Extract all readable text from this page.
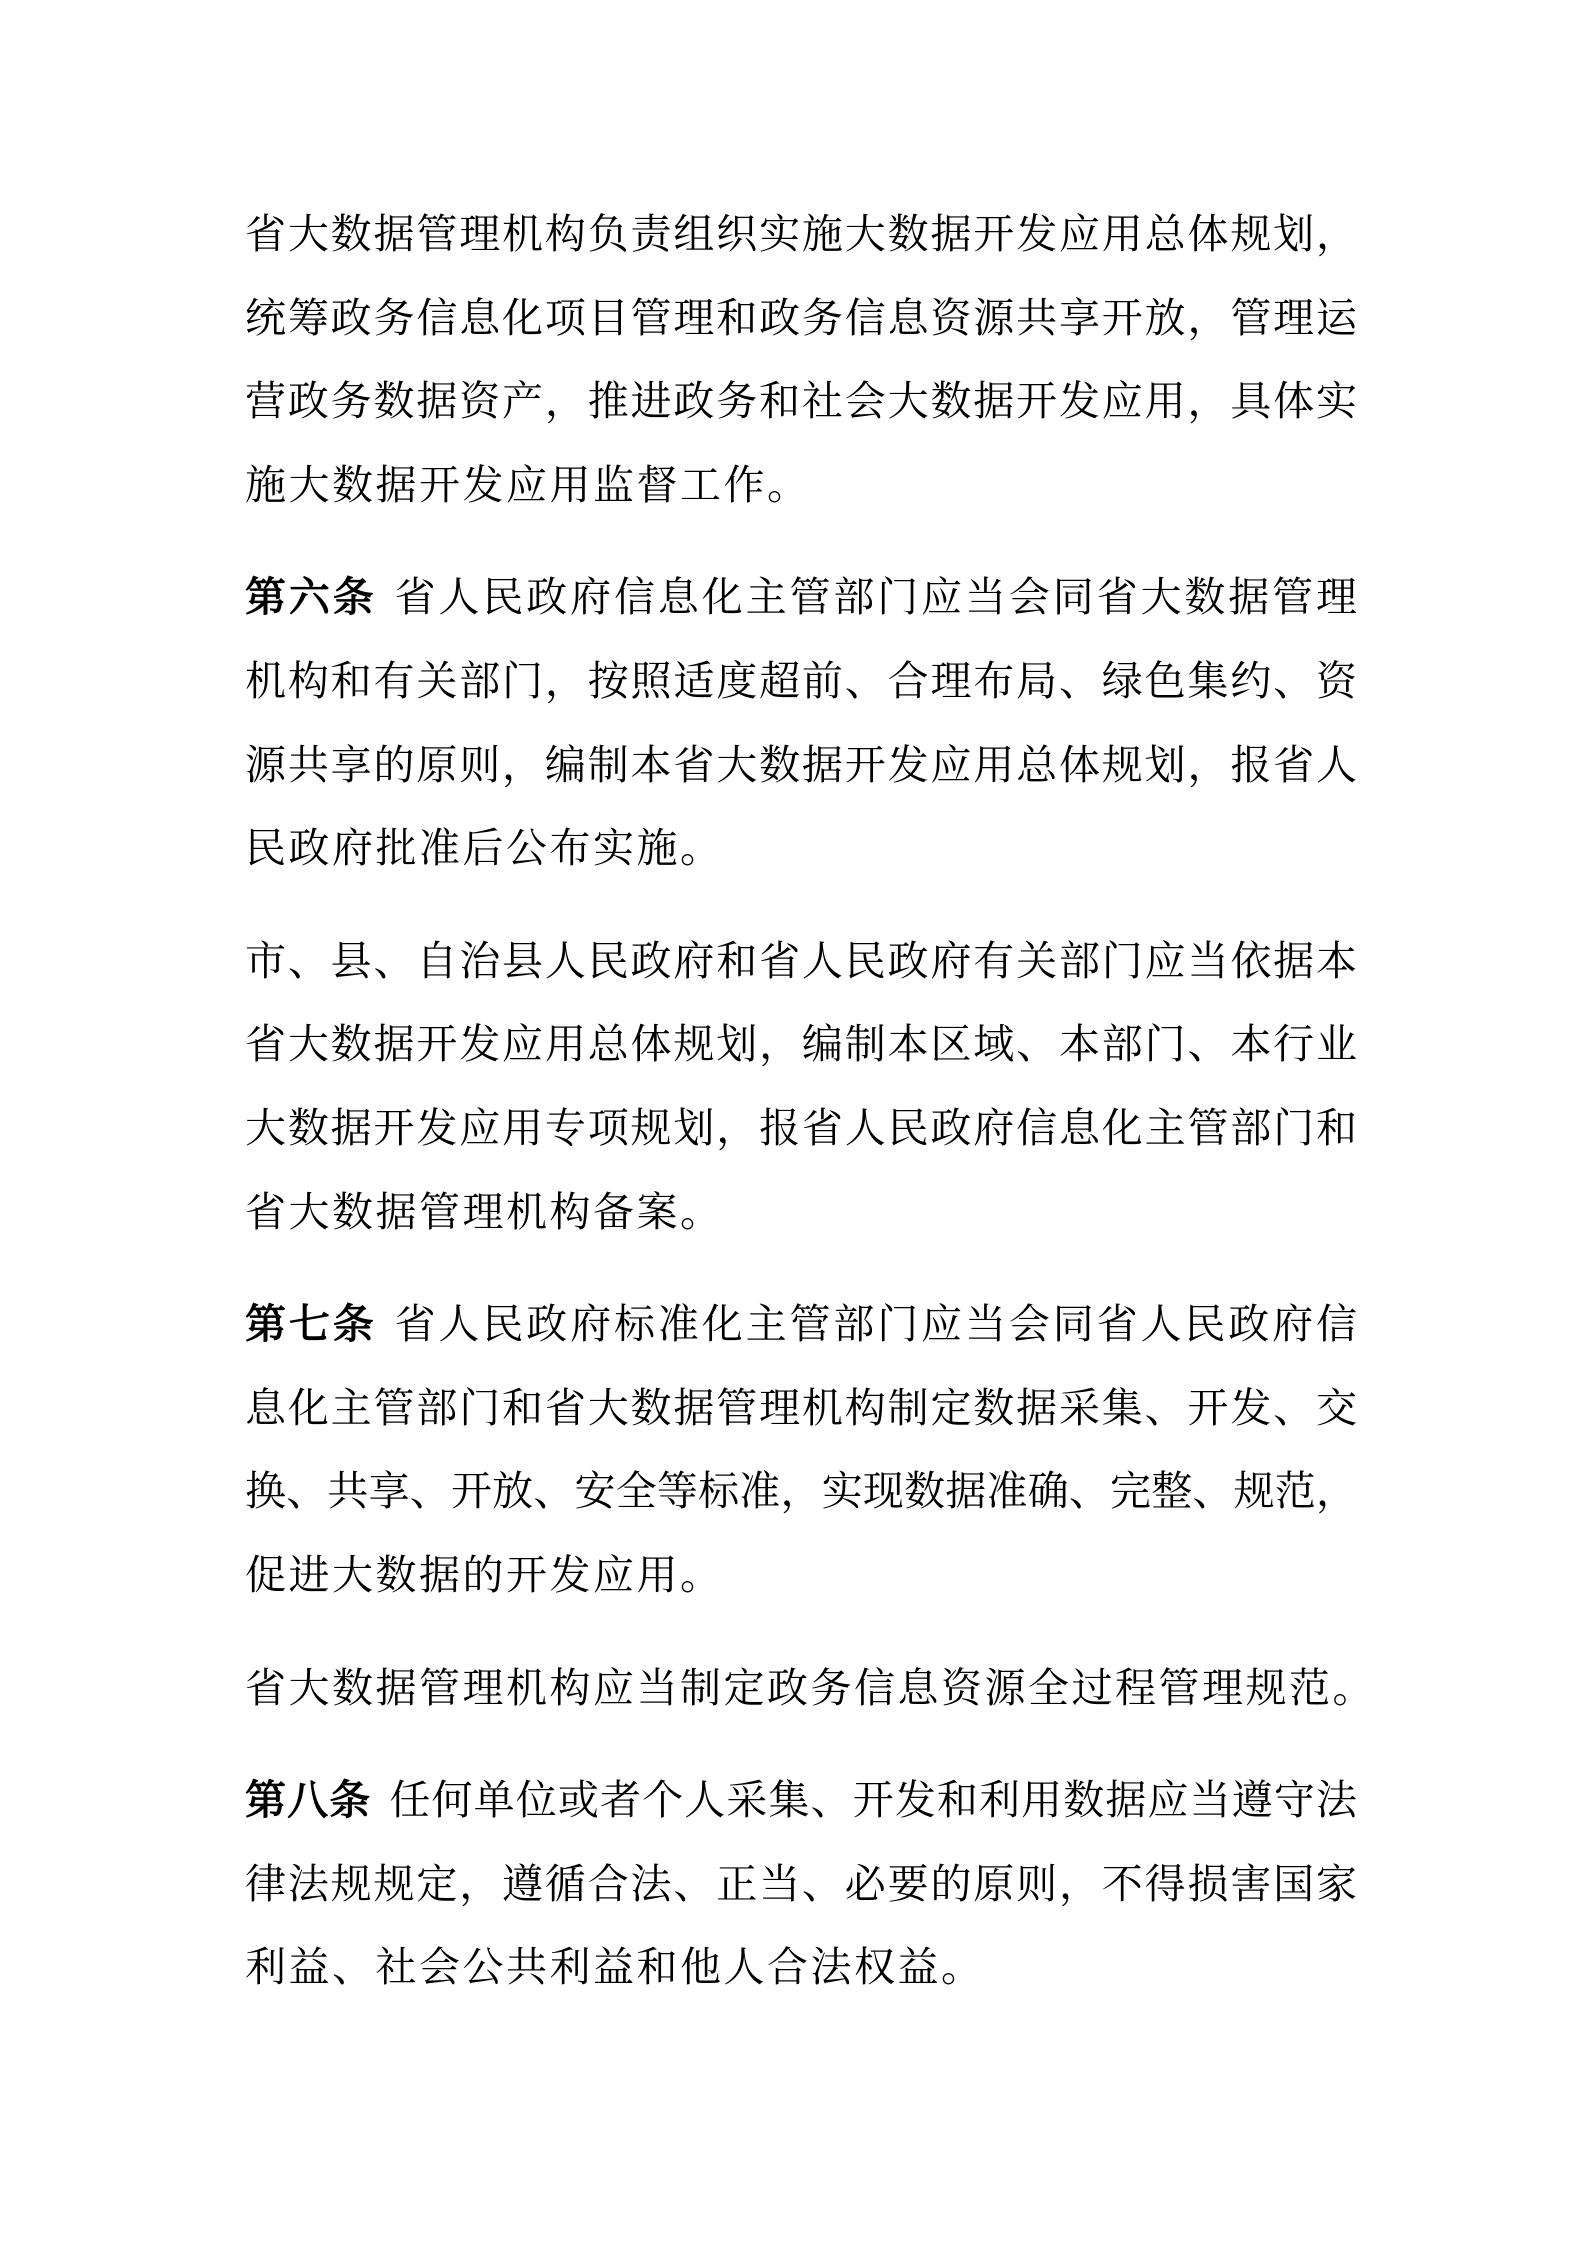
省大数据管理机构负责组织实施大数据开发应用总体规划，
统筹政务信息化项目管理和政务信息资源共享开放，管理运
营政务数据资产，推进政务和社会大数据开发应用，具体实
施大数据开发应用监督工作。
第六条 省人民政府信息化主管部门应当会同省大数据管理
机构和有关部门，按照适度超前、合理布局、绿色集约、资
源共享的原则，编制本省大数据开发应用总体规划，报省人
民政府批准后公布实施。
市、县、自治县人民政府和省人民政府有关部门应当依据本
省大数据开发应用总体规划，编制本区域、本部门、本行业
大数据开发应用专项规划，报省人民政府信息化主管部门和
省大数据管理机构备案。
第七条 省人民政府标准化主管部门应当会同省人民政府信
息化主管部门和省大数据管理机构制定数据采集、开发、交
换、共享、开放、安全等标准，实现数据准确、完整、规范，
促进大数据的开发应用。
省大数据管理机构应当制定政务信息资源全过程管理规范。
第八条 任何单位或者个人采集、开发和利用数据应当遵守法
律法规规定，遵循合法、正当、必要的原则，不得损害国家
利益、社会公共利益和他人合法权益。
